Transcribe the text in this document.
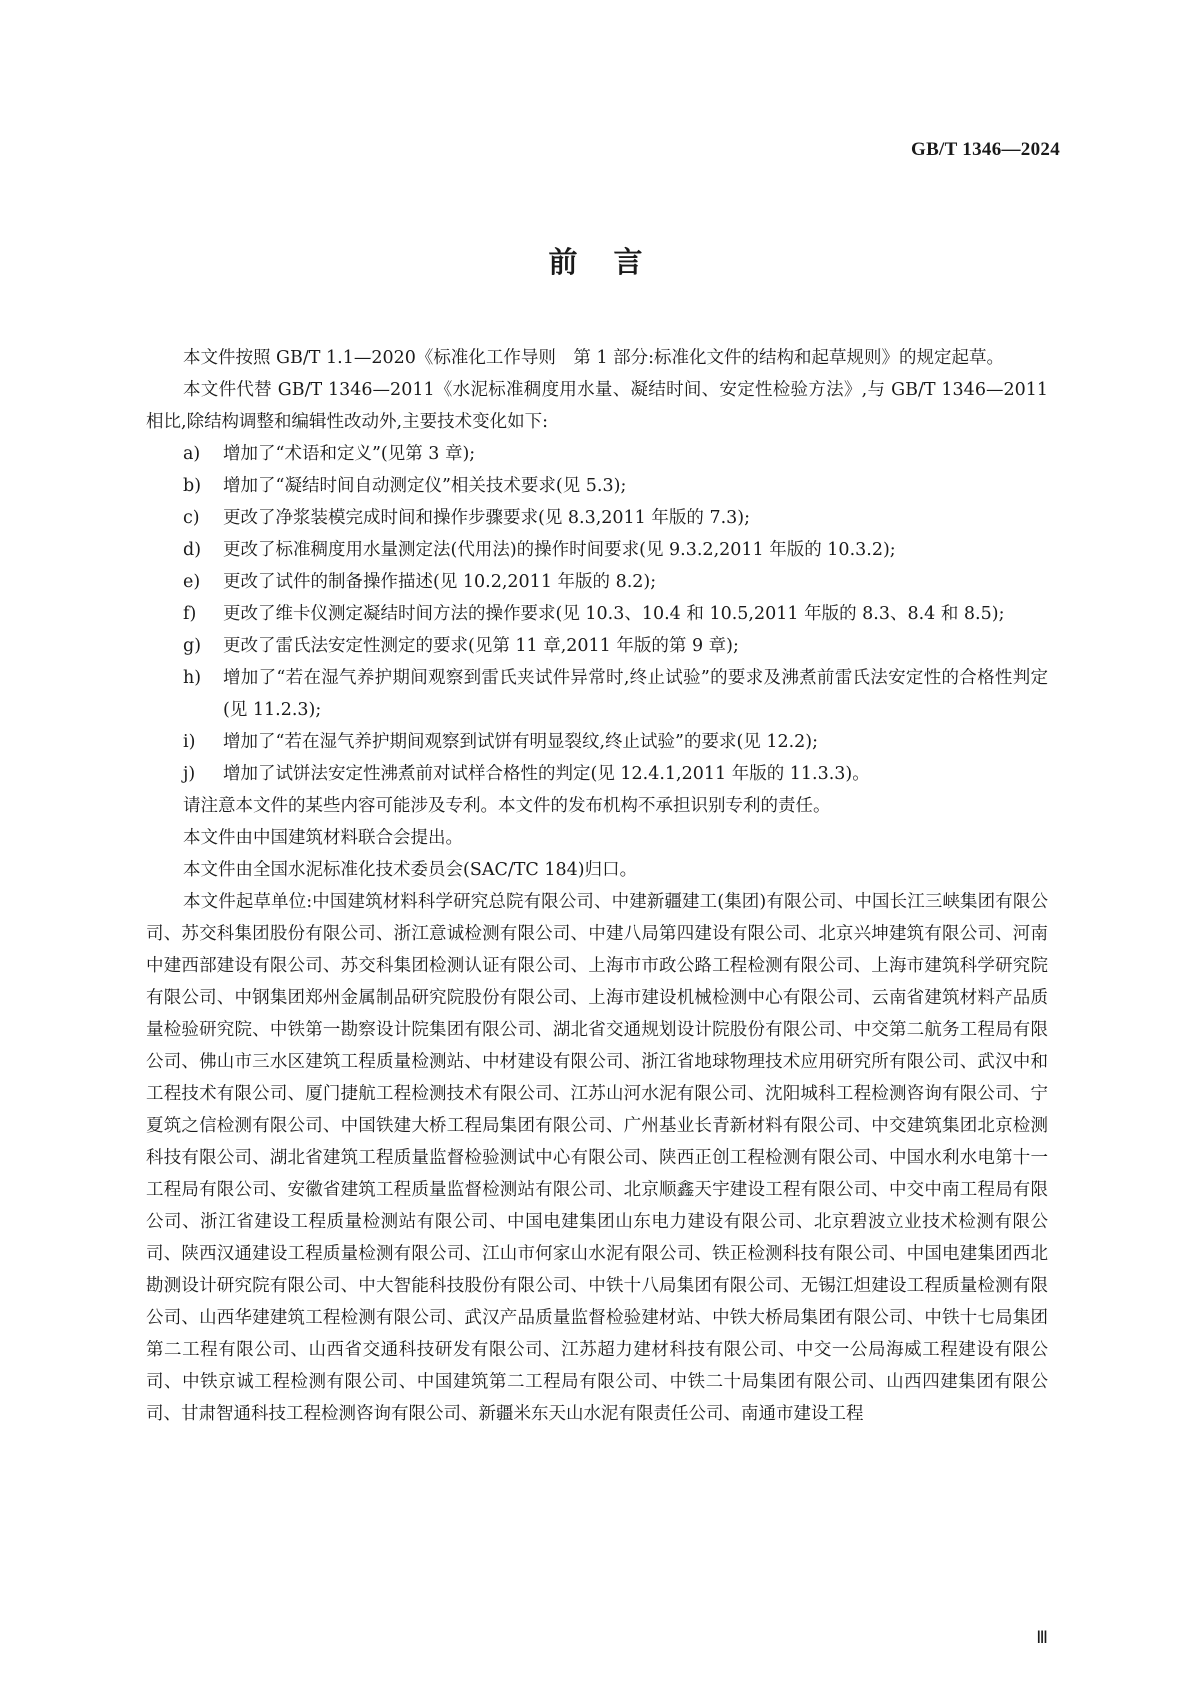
GB/T 1346—2024
前言
本文件按照 GB/T 1.1—2020《标准化工作导则　第 1 部分:标准化文件的结构和起草规则》的规定起草。
本文件代替 GB/T 1346—2011《水泥标准稠度用水量、凝结时间、安定性检验方法》,与 GB/T 1346—2011 相比,除结构调整和编辑性改动外,主要技术变化如下:
a)	增加了“术语和定义”(见第 3 章);
b)	增加了“凝结时间自动测定仪”相关技术要求(见 5.3);
c)	更改了净浆装模完成时间和操作步骤要求(见 8.3,2011 年版的 7.3);
d)	更改了标准稠度用水量测定法(代用法)的操作时间要求(见 9.3.2,2011 年版的 10.3.2);
e)	更改了试件的制备操作描述(见 10.2,2011 年版的 8.2);
f)	更改了维卡仪测定凝结时间方法的操作要求(见 10.3、10.4 和 10.5,2011 年版的 8.3、8.4 和 8.5);
g)	更改了雷氏法安定性测定的要求(见第 11 章,2011 年版的第 9 章);
h)	增加了“若在湿气养护期间观察到雷氏夹试件异常时,终止试验”的要求及沸煮前雷氏法安定性的合格性判定(见 11.2.3);
i)	增加了“若在湿气养护期间观察到试饼有明显裂纹,终止试验”的要求(见 12.2);
j)	增加了试饼法安定性沸煮前对试样合格性的判定(见 12.4.1,2011 年版的 11.3.3)。
请注意本文件的某些内容可能涉及专利。本文件的发布机构不承担识别专利的责任。
本文件由中国建筑材料联合会提出。
本文件由全国水泥标准化技术委员会(SAC/TC 184)归口。
本文件起草单位:中国建筑材料科学研究总院有限公司、中建新疆建工(集团)有限公司、中国长江三峡集团有限公司、苏交科集团股份有限公司、浙江意诚检测有限公司、中建八局第四建设有限公司、北京兴坤建筑有限公司、河南中建西部建设有限公司、苏交科集团检测认证有限公司、上海市市政公路工程检测有限公司、上海市建筑科学研究院有限公司、中钢集团郑州金属制品研究院股份有限公司、上海市建设机械检测中心有限公司、云南省建筑材料产品质量检验研究院、中铁第一勘察设计院集团有限公司、湖北省交通规划设计院股份有限公司、中交第二航务工程局有限公司、佛山市三水区建筑工程质量检测站、中材建设有限公司、浙江省地球物理技术应用研究所有限公司、武汉中和工程技术有限公司、厦门捷航工程检测技术有限公司、江苏山河水泥有限公司、沈阳城科工程检测咨询有限公司、宁夏筑之信检测有限公司、中国铁建大桥工程局集团有限公司、广州基业长青新材料有限公司、中交建筑集团北京检测科技有限公司、湖北省建筑工程质量监督检验测试中心有限公司、陕西正创工程检测有限公司、中国水利水电第十一工程局有限公司、安徽省建筑工程质量监督检测站有限公司、北京顺鑫天宇建设工程有限公司、中交中南工程局有限公司、浙江省建设工程质量检测站有限公司、中国电建集团山东电力建设有限公司、北京碧波立业技术检测有限公司、陕西汉通建设工程质量检测有限公司、江山市何家山水泥有限公司、铁正检测科技有限公司、中国电建集团西北勘测设计研究院有限公司、中大智能科技股份有限公司、中铁十八局集团有限公司、无锡江炟建设工程质量检测有限公司、山西华建建筑工程检测有限公司、武汉产品质量监督检验建材站、中铁大桥局集团有限公司、中铁十七局集团第二工程有限公司、山西省交通科技研发有限公司、江苏超力建材科技有限公司、中交一公局海威工程建设有限公司、中铁京诚工程检测有限公司、中国建筑第二工程局有限公司、中铁二十局集团有限公司、山西四建集团有限公司、甘肃智通科技工程检测咨询有限公司、新疆米东天山水泥有限责任公司、南通市建设工程
Ⅲ
